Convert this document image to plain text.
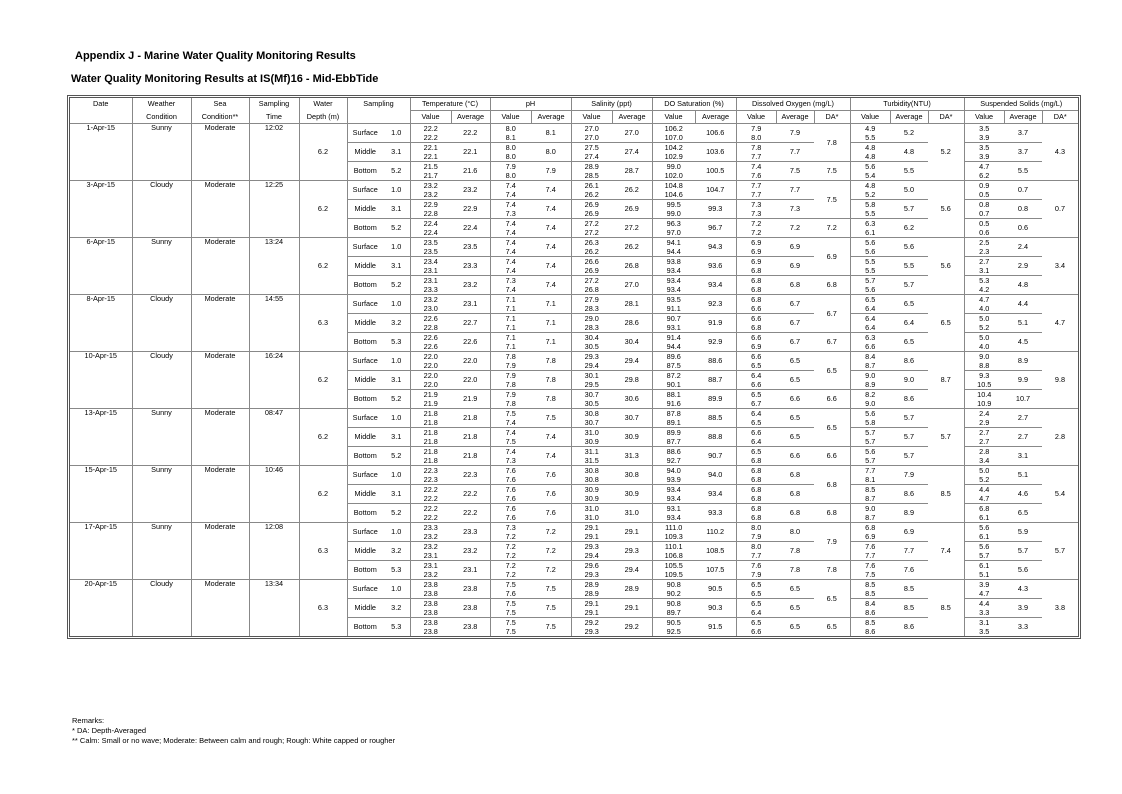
Appendix J - Marine Water Quality Monitoring Results
Water Quality Monitoring Results at IS(Mf)16 - Mid-EbbTide
Date	Weather	Sea	Sampling	Water	Sampling		Temperature (°C)		pH		Salinity (ppt)		DO Saturation (%)		Dissolved Oxygen (mg/L)			Turbidity(NTU)			Suspended Solids (mg/L)		
	Condition	Condition**	Time	Depth (m)			Value	Average	Value	Average	Value	Average	Value	Average	Value	Average	DA*	Value	Average	DA*	Value	Average	DA*
1-Apr-15	Sunny	Moderate	12:02	6.2	Surface	1.0	22.2	22.2	8.0	8.1	27.0	27.0	106.2	106.6	7.9	7.9	7.8	4.9	5.2	5.2	3.5	3.7	4.3
							22.2		8.1		27.0		107.0		8.0			5.5			3.9		
					Middle	3.1	22.1	22.1	8.0	8.0	27.5	27.4	104.2	103.6	7.8	7.7		4.8	4.8		3.5	3.7	
							22.1		8.0		27.4		102.9		7.7			4.8			3.9		
					Bottom	5.2	21.5	21.6	7.9	7.9	28.9	28.7	99.0	100.5	7.4	7.5	7.5	5.6	5.5		4.7	5.5	
							21.7		8.0		28.5		102.0		7.6			5.4			6.2		
3-Apr-15	Cloudy	Moderate	12:25	6.2	Surface	1.0	23.2	23.2	7.4	7.4	26.1	26.2	104.8	104.7	7.7	7.7	7.5	4.8	5.0	5.6	0.9	0.7	0.7
							23.2		7.4		26.2		104.6		7.7			5.2			0.5		
					Middle	3.1	22.9	22.9	7.4	7.4	26.9	26.9	99.5	99.3	7.3	7.3		5.8	5.7		0.8	0.8	
							22.8		7.3		26.9		99.0		7.3			5.5			0.7		
					Bottom	5.2	22.4	22.4	7.4	7.4	27.2	27.2	96.3	96.7	7.2	7.2	7.2	6.3	6.2		0.5	0.6	
							22.4		7.4		27.2		97.0		7.2			6.1			0.6		
6-Apr-15	Sunny	Moderate	13:24	6.2	Surface	1.0	23.5	23.5	7.4	7.4	26.3	26.2	94.1	94.3	6.9	6.9	6.9	5.6	5.6	5.6	2.5	2.4	3.4
							23.5		7.4		26.2		94.4		6.9			5.6			2.3		
					Middle	3.1	23.4	23.3	7.4	7.4	26.6	26.8	93.8	93.6	6.9	6.9		5.5	5.5		2.7	2.9	
							23.1		7.4		26.9		93.4		6.8			5.5			3.1		
					Bottom	5.2	23.1	23.2	7.3	7.4	27.2	27.0	93.4	93.4	6.8	6.8	6.8	5.7	5.7		5.3	4.8	
							23.3		7.4		26.8		93.4		6.8			5.6			4.2		
8-Apr-15	Cloudy	Moderate	14:55	6.3	Surface	1.0	23.2	23.1	7.1	7.1	27.9	28.1	93.5	92.3	6.8	6.7	6.7	6.5	6.5	6.5	4.7	4.4	4.7
							23.0		7.1		28.3		91.1		6.6			6.4			4.0		
					Middle	3.2	22.6	22.7	7.1	7.1	29.0	28.6	90.7	91.9	6.6	6.7		6.4	6.4		5.0	5.1	
							22.8		7.1		28.3		93.1		6.8			6.4			5.2		
					Bottom	5.3	22.6	22.6	7.1	7.1	30.4	30.4	91.4	92.9	6.6	6.7	6.7	6.3	6.5		5.0	4.5	
							22.6		7.1		30.5		94.4		6.9			6.6			4.0		
10-Apr-15	Cloudy	Moderate	16:24	6.2	Surface	1.0	22.0	22.0	7.8	7.8	29.3	29.4	89.6	88.6	6.6	6.5	6.5	8.4	8.6	8.7	9.0	8.9	9.8
							22.0		7.9		29.4		87.5		6.5			8.7			8.8		
					Middle	3.1	22.0	22.0	7.9	7.8	30.1	29.8	87.2	88.7	6.4	6.5		9.0	9.0		9.3	9.9	
							22.0		7.8		29.5		90.1		6.6			8.9			10.5		
					Bottom	5.2	21.9	21.9	7.9	7.8	30.7	30.6	88.1	89.9	6.5	6.6	6.6	8.2	8.6		10.4	10.7	
							21.9		7.8		30.5		91.6		6.7			9.0			10.9		
13-Apr-15	Sunny	Moderate	08:47	6.2	Surface	1.0	21.8	21.8	7.5	7.5	30.8	30.7	87.8	88.5	6.4	6.5	6.5	5.6	5.7	5.7	2.4	2.7	2.8
							21.8		7.4		30.7		89.1		6.5			5.8			2.9		
					Middle	3.1	21.8	21.8	7.4	7.4	31.0	30.9	89.9	88.8	6.6	6.5		5.7	5.7		2.7	2.7	
							21.8		7.5		30.9		87.7		6.4			5.7			2.7		
					Bottom	5.2	21.8	21.8	7.4	7.4	31.1	31.3	88.6	90.7	6.5	6.6	6.6	5.6	5.7		2.8	3.1	
							21.8		7.3		31.5		92.7		6.8			5.7			3.4		
15-Apr-15	Sunny	Moderate	10:46	6.2	Surface	1.0	22.3	22.3	7.6	7.6	30.8	30.8	94.0	94.0	6.8	6.8	6.8	7.7	7.9	8.5	5.0	5.1	5.4
							22.3		7.6		30.8		93.9		6.8			8.1			5.2		
					Middle	3.1	22.2	22.2	7.6	7.6	30.9	30.9	93.4	93.4	6.8	6.8		8.5	8.6		4.4	4.6	
							22.2		7.6		30.9		93.4		6.8			8.7			4.7		
					Bottom	5.2	22.2	22.2	7.6	7.6	31.0	31.0	93.1	93.3	6.8	6.8	6.8	9.0	8.9		6.8	6.5	
							22.2		7.6		31.0		93.4		6.8			8.7			6.1		
17-Apr-15	Sunny	Moderate	12:08	6.3	Surface	1.0	23.3	23.3	7.3	7.2	29.1	29.1	111.0	110.2	8.0	8.0	7.9	6.8	6.9	7.4	5.6	5.9	5.7
							23.2		7.2		29.1		109.3		7.9			6.9			6.1		
					Middle	3.2	23.2	23.2	7.2	7.2	29.3	29.3	110.1	108.5	8.0	7.8		7.6	7.7		5.6	5.7	
							23.1		7.2		29.4		106.8		7.7			7.7			5.7		
					Bottom	5.3	23.1	23.1	7.2	7.2	29.6	29.4	105.5	107.5	7.6	7.8	7.8	7.6	7.6		6.1	5.6	
							23.2		7.2		29.3		109.5		7.9			7.5			5.1		
20-Apr-15	Cloudy	Moderate	13:34	6.3	Surface	1.0	23.8	23.8	7.5	7.5	28.9	28.9	90.8	90.5	6.5	6.5	6.5	8.5	8.5	8.5	3.9	4.3	3.8
							23.8		7.6		28.9		90.2		6.5			8.5			4.7		
					Middle	3.2	23.8	23.8	7.5	7.5	29.1	29.1	90.8	90.3	6.5	6.5		8.4	8.5		4.4	3.9	
							23.8		7.5		29.1		89.7		6.4			8.6			3.3		
					Bottom	5.3	23.8	23.8	7.5	7.5	29.2	29.2	90.5	91.5	6.5	6.5	6.5	8.5	8.6		3.1	3.3	
							23.8		7.5		29.3		92.5		6.6			8.6			3.5		
Remarks:
* DA: Depth-Averaged
** Calm: Small or no wave; Moderate: Between calm and rough; Rough: White capped or rougher
